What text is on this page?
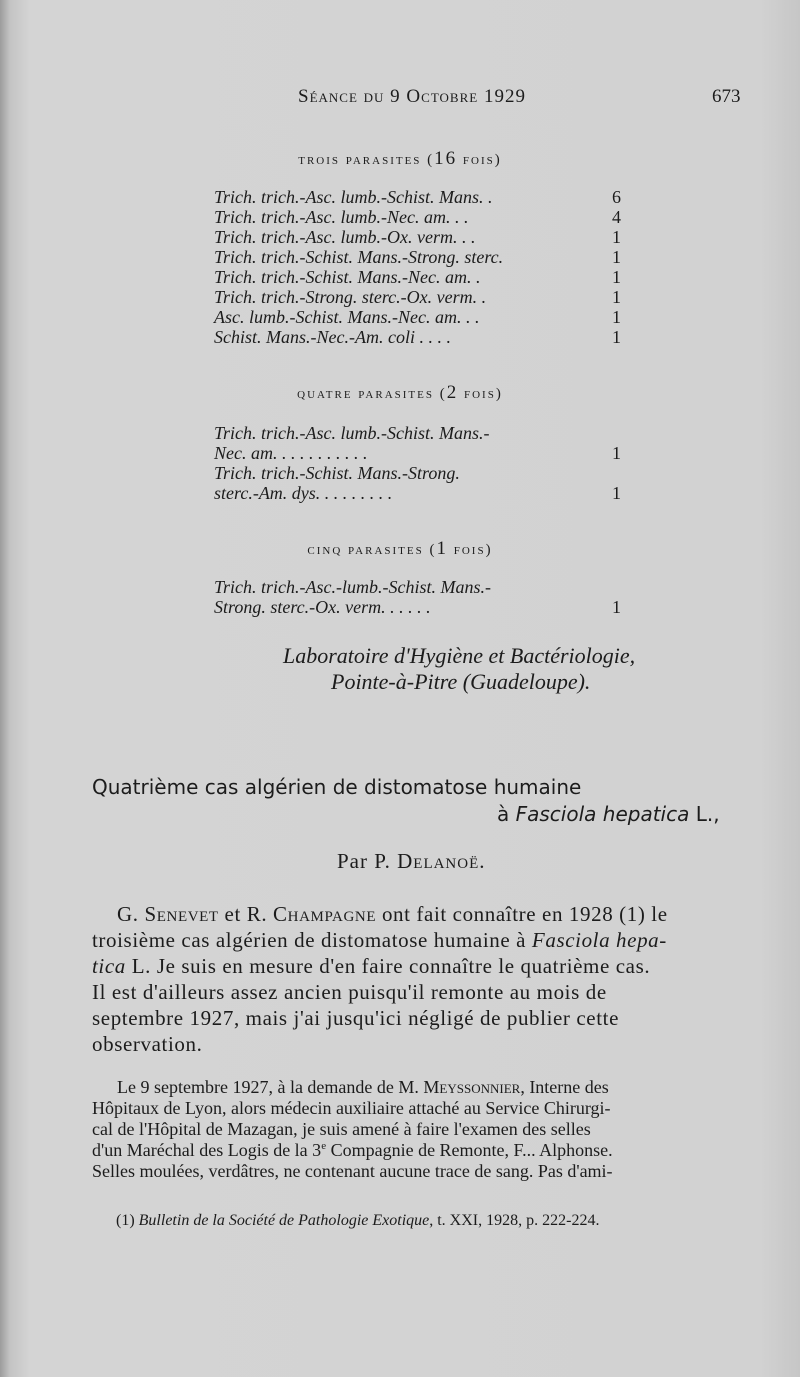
Séance du 9 Octobre 1929	673
trois parasites (16 fois)
Trich. trich.-Asc. lumb.-Schist. Mans. .	6
Trich. trich.-Asc. lumb.-Nec. am. . .	4
Trich. trich.-Asc. lumb.-Ox. verm. . .	1
Trich. trich.-Schist. Mans.-Strong. sterc.	1
Trich. trich.-Schist. Mans.-Nec. am. .	1
Trich. trich.-Strong. sterc.-Ox. verm. .	1
Asc. lumb.-Schist. Mans.-Nec. am. . .	1
Schist. Mans.-Nec.-Am. coli . . . .	1
quatre parasites (2 fois)
Trich. trich.-Asc. lumb.-Schist. Mans.-
Nec. am. . . . . . . . . . .	1
Trich. trich.-Schist. Mans.-Strong.
sterc.-Am. dys. . . . . . . . .	1
cinq parasites (1 fois)
Trich. trich.-Asc.-lumb.-Schist. Mans.-
Strong. sterc.-Ox. verm. . . . . .	1
Laboratoire d'Hygiène et Bactériologie,
Pointe-à-Pitre (Guadeloupe).
Quatrième cas algérien de distomatose humaine
à Fasciola hepatica L.,
Par P. Delanoë.
G. Senevet et R. Champagne ont fait connaître en 1928 (1) le
troisième cas algérien de distomatose humaine à Fasciola hepa-
tica L. Je suis en mesure d'en faire connaître le quatrième cas.
Il est d'ailleurs assez ancien puisqu'il remonte au mois de
septembre 1927, mais j'ai jusqu'ici négligé de publier cette
observation.
Le 9 septembre 1927, à la demande de M. Meyssonnier, Interne des
Hôpitaux de Lyon, alors médecin auxiliaire attaché au Service Chirurgi-
cal de l'Hôpital de Mazagan, je suis amené à faire l'examen des selles
d'un Maréchal des Logis de la 3e Compagnie de Remonte, F... Alphonse.
Selles moulées, verdâtres, ne contenant aucune trace de sang. Pas d'ami-
(1) Bulletin de la Société de Pathologie Exotique, t. XXI, 1928, p. 222-224.
